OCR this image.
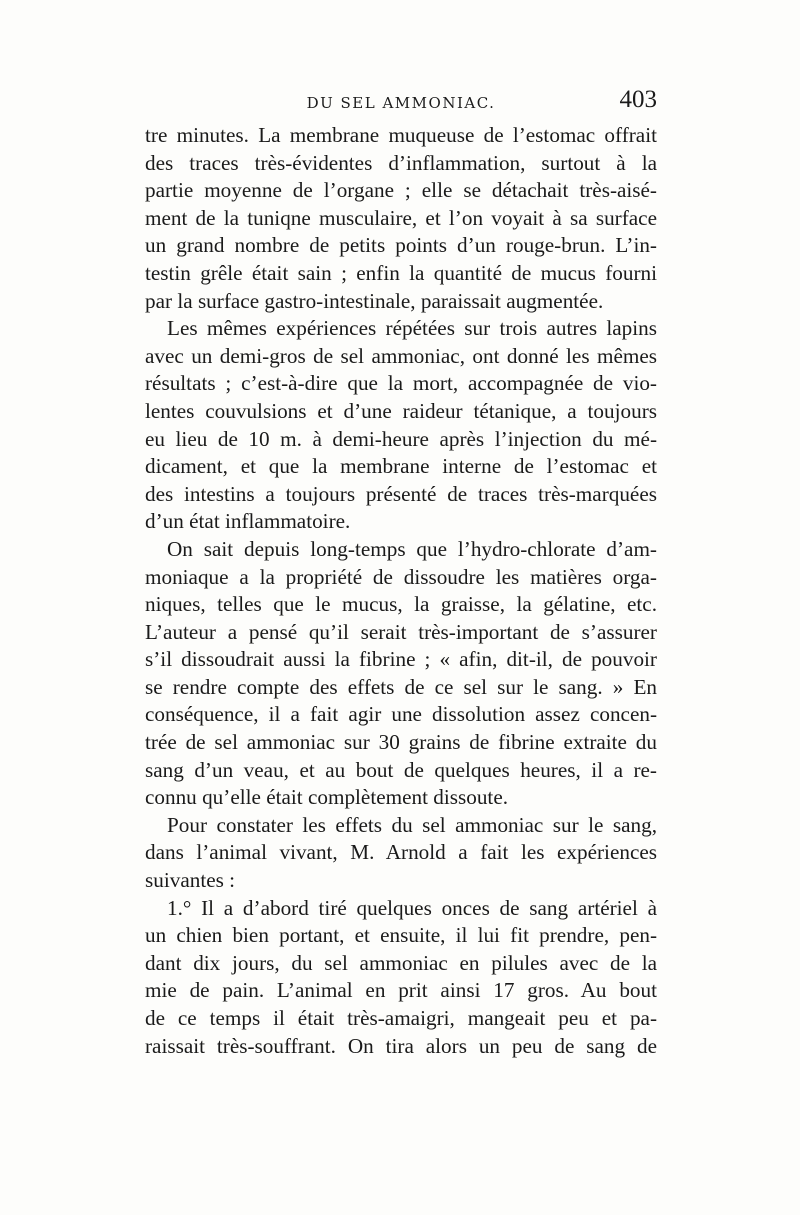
DU SEL AMMONIAC.	403
tre minutes. La membrane muqueuse de l’estomac offrait
des traces très-évidentes d’inflammation, surtout à la
partie moyenne de l’organe ; elle se détachait très-aisé-
ment de la tuniqne musculaire, et l’on voyait à sa surface
un grand nombre de petits points d’un rouge-brun. L’in-
testin grêle était sain ; enfin la quantité de mucus fourni
par la surface gastro-intestinale, paraissait augmentée.
Les mêmes expériences répétées sur trois autres lapins
avec un demi-gros de sel ammoniac, ont donné les mêmes
résultats ; c’est-à-dire que la mort, accompagnée de vio-
lentes couvulsions et d’une raideur tétanique, a toujours
eu lieu de 10 m. à demi-heure après l’injection du mé-
dicament, et que la membrane interne de l’estomac et
des intestins a toujours présenté de traces très-marquées
d’un état inflammatoire.
On sait depuis long-temps que l’hydro-chlorate d’am-
moniaque a la propriété de dissoudre les matières orga-
niques, telles que le mucus, la graisse, la gélatine, etc.
L’auteur a pensé qu’il serait très-important de s’assurer
s’il dissoudrait aussi la fibrine ; « afin, dit-il, de pouvoir
se rendre compte des effets de ce sel sur le sang. » En
conséquence, il a fait agir une dissolution assez concen-
trée de sel ammoniac sur 30 grains de fibrine extraite du
sang d’un veau, et au bout de quelques heures, il a re-
connu qu’elle était complètement dissoute.
Pour constater les effets du sel ammoniac sur le sang,
dans l’animal vivant, M. Arnold a fait les expériences
suivantes :
1.° Il a d’abord tiré quelques onces de sang artériel à
un chien bien portant, et ensuite, il lui fit prendre, pen-
dant dix jours, du sel ammoniac en pilules avec de la
mie de pain. L’animal en prit ainsi 17 gros. Au bout
de ce temps il était très-amaigri, mangeait peu et pa-
raissait très-souffrant. On tira alors un peu de sang de
